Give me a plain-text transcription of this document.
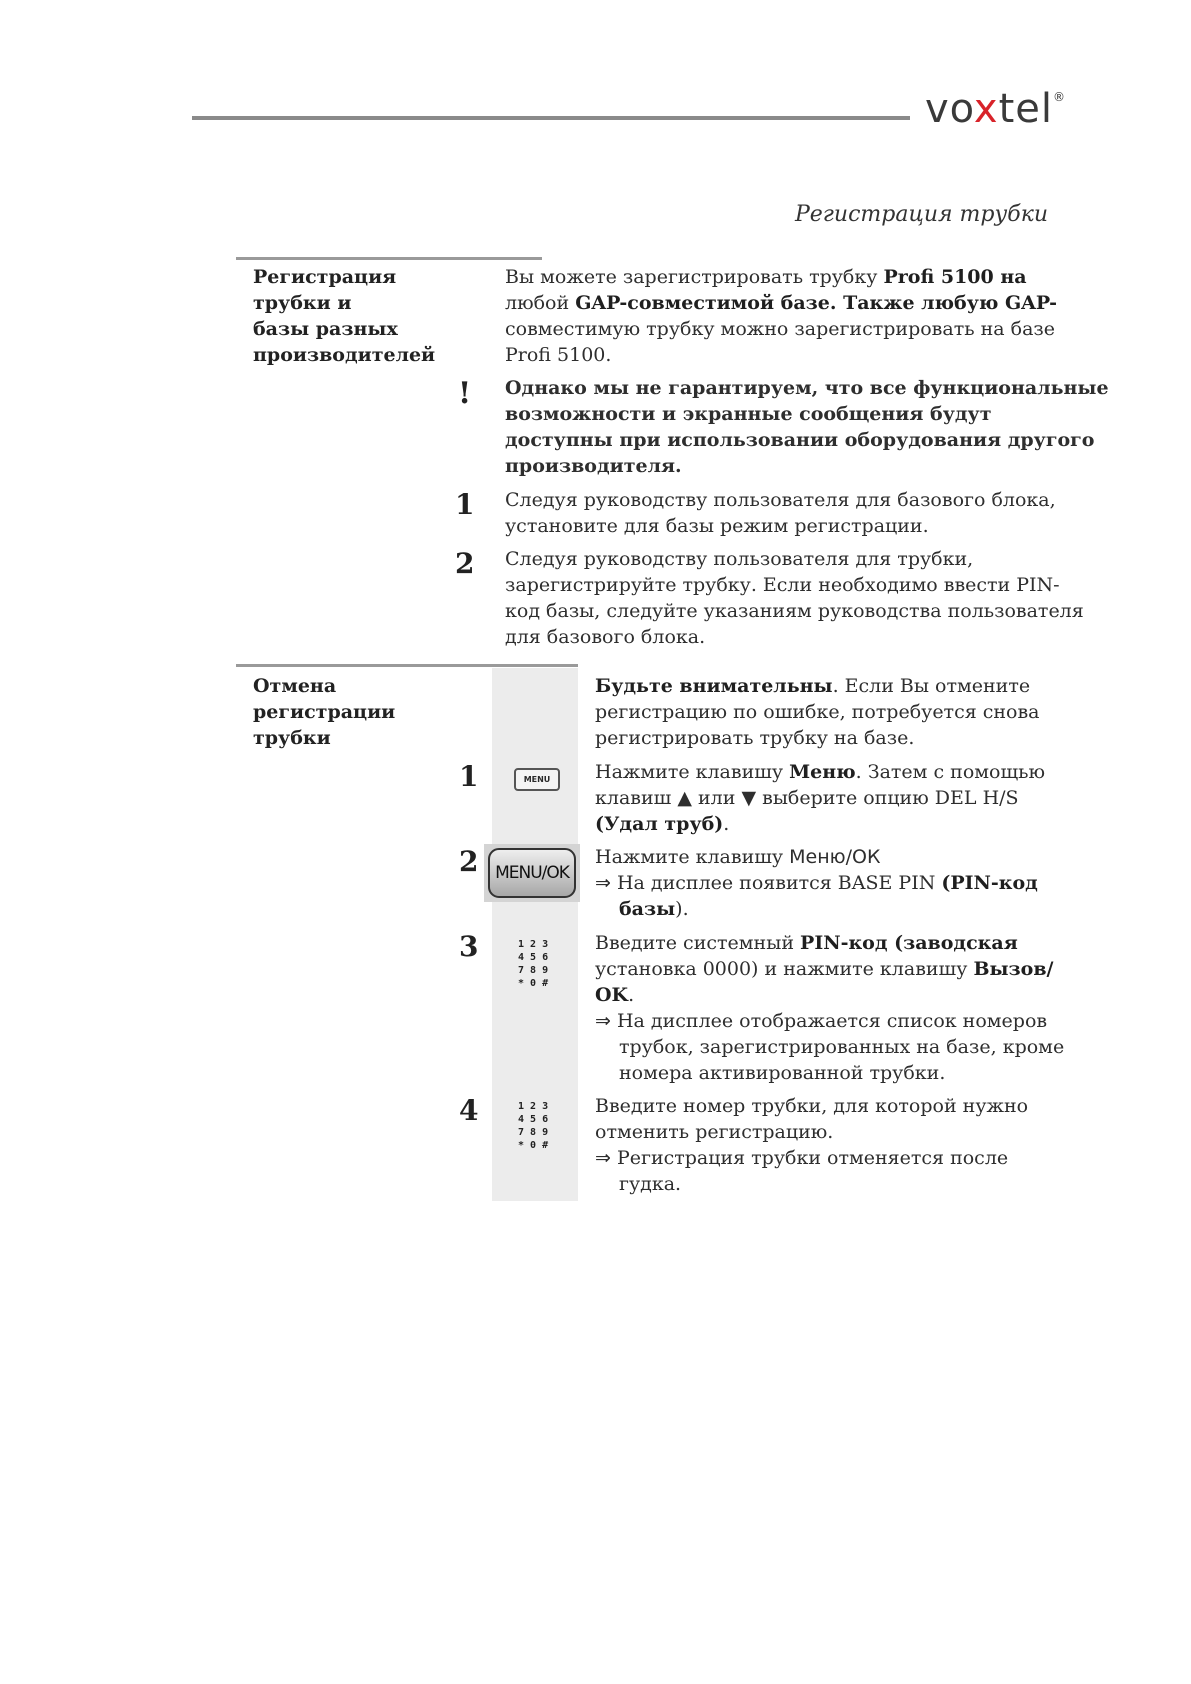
voxtel®
Регистрация трубки
Регистрация
трубки и
базы разных
производителей
Вы можете зарегистрировать трубку Profi 5100 на
любой GAP-совместимой базе. Также любую GAP-
совместимую трубку можно зарегистрировать на базе
Profi 5100.
! Однако мы не гарантируем, что все функциональные
возможности и экранные сообщения будут
доступны при использовании оборудования другого
производителя.
1 Следуя руководству пользователя для базового блока,
установите для базы режим регистрации.
2 Следуя руководству пользователя для трубки,
зарегистрируйте трубку. Если необходимо ввести PIN-
код базы, следуйте указаниям руководства пользователя
для базового блока.
Отмена
регистрации
трубки
Будьте внимательны. Если Вы отмените
регистрацию по ошибке, потребуется снова
регистрировать трубку на базе.
1	MENU	Нажмите клавишу Меню. Затем с помощью
клавиш ▲ или ▼ выберите опцию DEL H/S
(Удал труб).
2 MENU/OK
Нажмите клавишу Меню/ОК
⇒ На дисплее появится BASE PIN (PIN-код
базы).
3	1 2 3
4 5 6
7 8 9
* 0 #
Введите системный PIN-код (заводская
установка 0000) и нажмите клавишу Вызов/
OK.
⇒ На дисплее отображается список номеров
трубок, зарегистрированных на базе, кроме
номера активированной трубки.
4	1 2 3
4 5 6
7 8 9
* 0 #
Введите номер трубки, для которой нужно
отменить регистрацию.
⇒ Регистрация трубки отменяется после
гудка.
